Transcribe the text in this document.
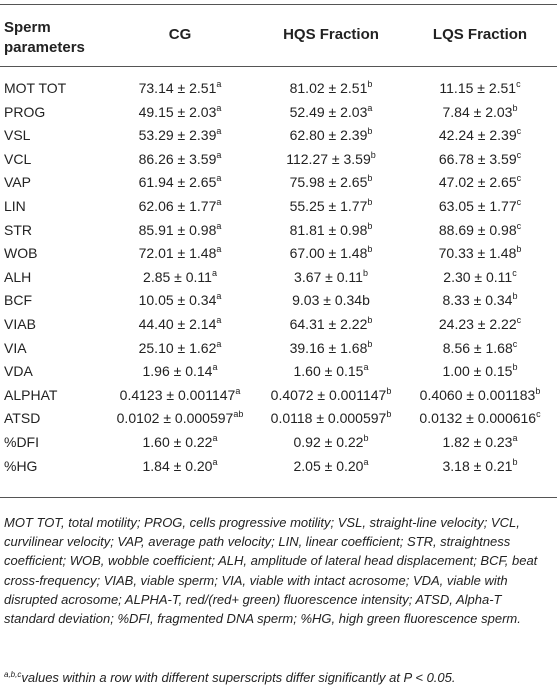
Sperm
parameters
CG	HQS Fraction	LQS Fraction
MOT TOT	73.14 ± 2.51$^a$	81.02 ± 2.51$^b$	11.15 ± 2.51$^c$
PROG	49.15 ± 2.03$^a$	52.49 ± 2.03$^a$	7.84 ± 2.03$^b$
VSL	53.29 ± 2.39$^a$	62.80 ± 2.39$^b$	42.24 ± 2.39$^c$
VCL	86.26 ± 3.59$^a$	112.27 ± 3.59$^b$	66.78 ± 3.59$^c$
VAP	61.94 ± 2.65$^a$	75.98 ± 2.65$^b$	47.02 ± 2.65$^c$
LIN	62.06 ± 1.77$^a$	55.25 ± 1.77$^b$	63.05 ± 1.77$^c$
STR	85.91 ± 0.98$^a$	81.81 ± 0.98$^b$	88.69 ± 0.98$^c$
WOB	72.01 ± 1.48$^a$	67.00 ± 1.48$^b$	70.33 ± 1.48$^b$
ALH	2.85 ± 0.11$^a$	3.67 ± 0.11$^b$	2.30 ± 0.11$^c$
BCF	10.05 ± 0.34$^a$	9.03 ± 0.34b	8.33 ± 0.34$^b$
VIAB	44.40 ± 2.14$^a$	64.31 ± 2.22$^b$	24.23 ± 2.22$^c$
VIA	25.10 ± 1.62$^a$	39.16 ± 1.68$^b$	8.56 ± 1.68$^c$
VDA	1.96 ± 0.14$^a$	1.60 ± 0.15$^a$	1.00 ± 0.15$^b$
ALPHAT	0.4123 ± 0.001147$^a$	0.4072 ± 0.001147$^b$	0.4060 ± 0.001183$^b$
ATSD	0.0102 ± 0.000597$^{ab}$	0.0118 ± 0.000597$^b$	0.0132 ± 0.000616$^c$
%DFI	1.60 ± 0.22$^a$	0.92 ± 0.22$^b$	1.82 ± 0.23$^a$
%HG	1.84 ± 0.20$^a$	2.05 ± 0.20$^a$	3.18 ± 0.21$^b$
MOT TOT, total motility; PROG, cells progressive motility; VSL, straight-line velocity; VCL, curvilinear velocity; VAP, average path velocity; LIN, linear coefficient; STR, straightness coefficient; WOB, wobble coefficient; ALH, amplitude of lateral head displacement; BCF, beat cross-frequency; VIAB, viable sperm; VIA, viable with intact acrosome; VDA, viable with disrupted acrosome; ALPHA-T, red/(red+ green) fluorescence intensity; ATSD, Alpha-T standard deviation; %DFI, fragmented DNA sperm; %HG, high green fluorescence sperm.
$^{a,b,c}$values within a row with different superscripts differ significantly at P < 0.05.
